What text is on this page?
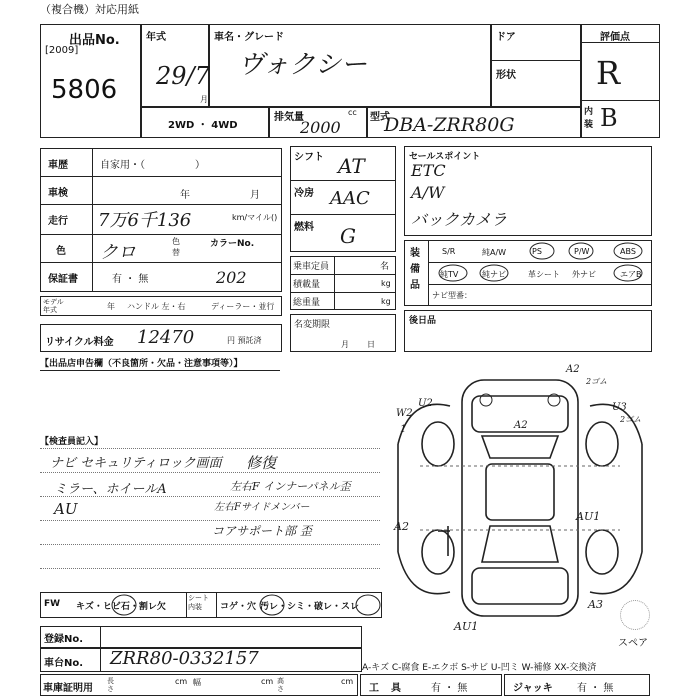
（複合機）対応用紙
出品No.
[2009]
5806
年式
29/7
月
車名・グレード
ヴォクシー
ドア
形状
評価点
R
内装 B
2WD ・ 4WD
排気量	cc
2000
型式
DBA-ZRR80G
車歴	自家用・（　　　　　）
車検	年	月
走行 7万6千136	km/マイル()
色 クロ
色替
カラーNo.
202
保証書	有 ・ 無
モデル年式	年 ハンドル 左・右	ディーラー・並行
リサイクル料金 12470	円 預託済
シフト AT
冷房 AAC
燃料 G
乗車定員	名
積載量	kg
総重量	kg
名変期限
月日
セールスポイント
ETC
A/W
バックカメラ
装備品
S/R	純A/W	PS	P/W	ABS
純TV	純ナビ	革シート 外ナビ	エアB
ナビ型番：
後日品
【出品店申告欄（不良箇所・欠品・注意事項等）】
【検査員記入】
ナビ セキュリティロック画面 修復
ミラー、ホイールA	左右F インナーパネル歪
AU	左右Fサイドメンバー
コアサポート部 歪
A2
2ゴム
W2
U2
A2
U3
2ゴム
1
A2
AU1
AU1
A3
スペア
FW キズ・ヒビ石・割レ欠
シート内装	コゲ・穴 汚レ・シミ・破レ・スレ
登録No.
車台No. ZRR80-0332157
車庫証明用
長さ
cm 幅	cm 高さ
cm
A-キズ C-腐食 E-エクボ S-サビ U-凹ミ W-補修 XX-交換済
工具 有 ・ 無	ジャッキ 有 ・ 無
